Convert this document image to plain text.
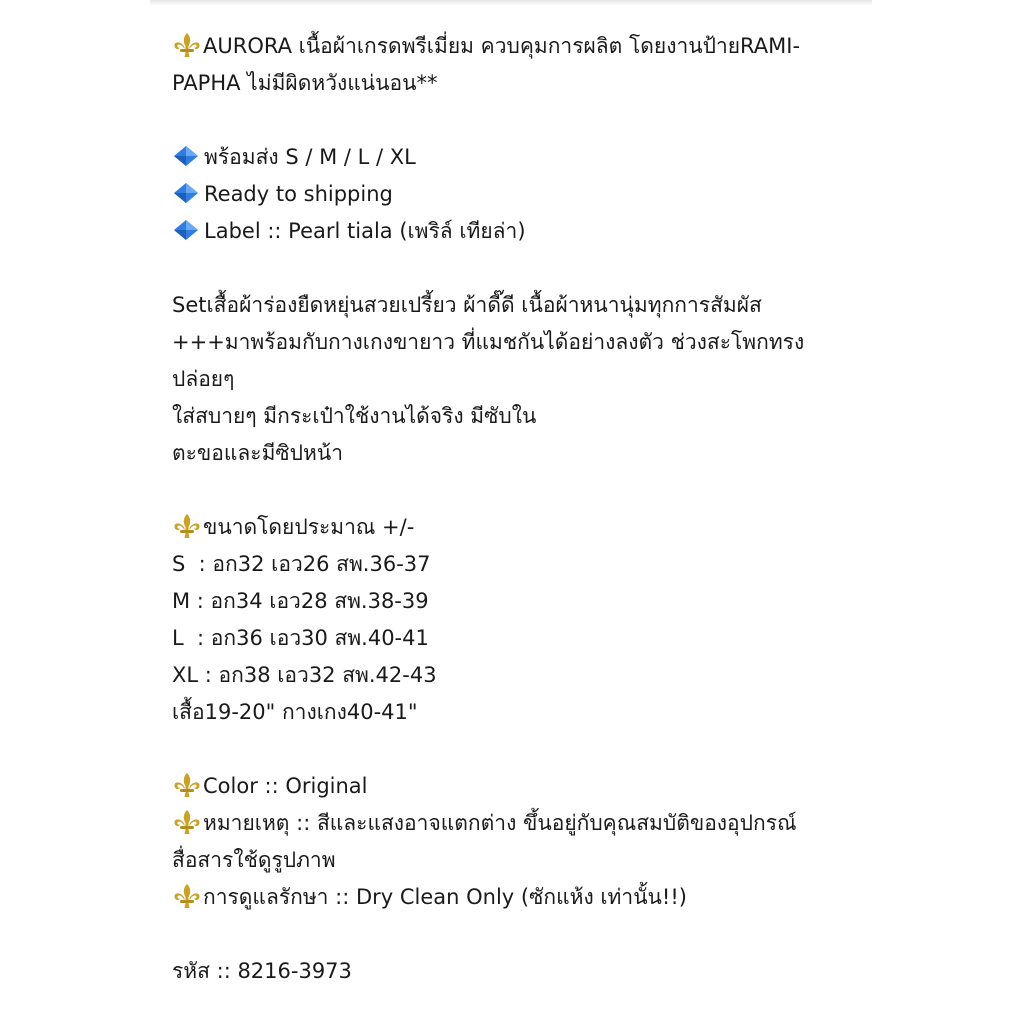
AURORA เนื้อผ้าเกรดพรีเมี่ยม ควบคุมการผลิต โดยงานป้ายRAMI-
PAPHA ไม่มีผิดหวังแน่นอน**
พร้อมส่ง S / M / L / XL
Ready to shipping
Label :: Pearl tiala (เพริล์ เทียล่า)
Setเสื้อผ้าร่องยืดหยุ่นสวยเปรี้ยว ผ้าดี๊ดี เนื้อผ้าหนานุ่มทุกการสัมผัส
+++มาพร้อมกับกางเกงขายาว ที่แมชกันได้อย่างลงตัว ช่วงสะโพกทรง
ปล่อยๆ
ใส่สบายๆ มีกระเป๋าใช้งานได้จริง มีซับใน
ตะขอและมีซิปหน้า
ขนาดโดยประมาณ +/-
S  : อก32 เอว26 สพ.36-37
M : อก34 เอว28 สพ.38-39
L  : อก36 เอว30 สพ.40-41
XL : อก38 เอว32 สพ.42-43
เสื้อ19-20" กางเกง40-41"
Color :: Original
หมายเหตุ :: สีและแสงอาจแตกต่าง ขึ้นอยู่กับคุณสมบัติของอุปกรณ์
สื่อสารใช้ดูรูปภาพ
การดูแลรักษา :: Dry Clean Only (ซักแห้ง เท่านั้น!!)
รหัส :: 8216-3973
